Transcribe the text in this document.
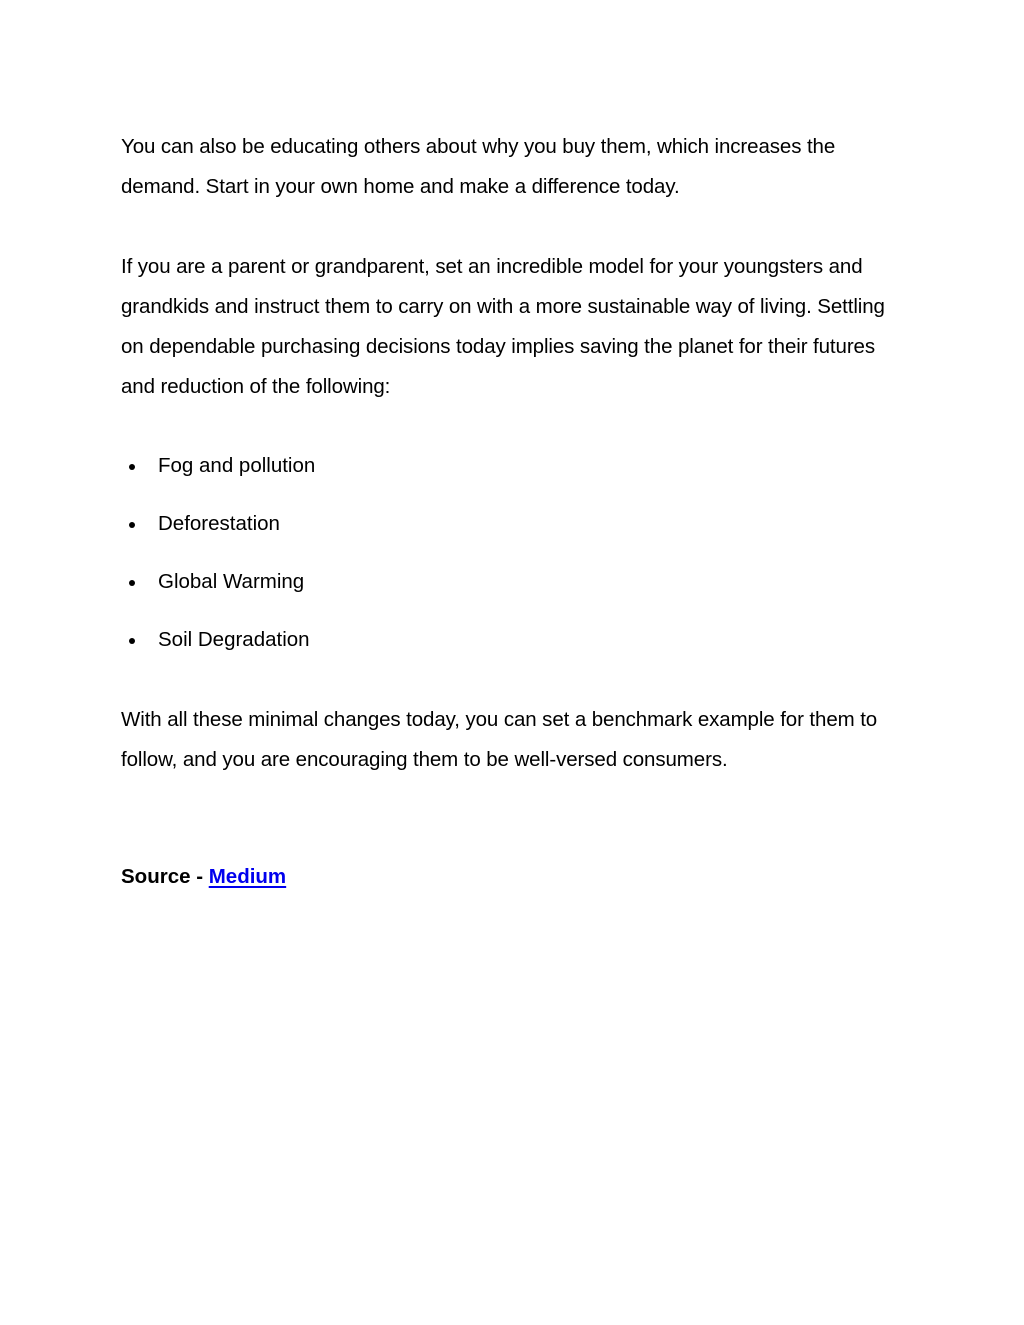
You can also be educating others about why you buy them, which increases the demand. Start in your own home and make a difference today.

If you are a parent or grandparent, set an incredible model for your youngsters and grandkids and instruct them to carry on with a more sustainable way of living. Settling on dependable purchasing decisions today implies saving the planet for their futures and reduction of the following:

Fog and pollution
Deforestation
Global Warming
Soil Degradation

With all these minimal changes today, you can set a benchmark example for them to follow, and you are encouraging them to be well-versed consumers.

Source - Medium
